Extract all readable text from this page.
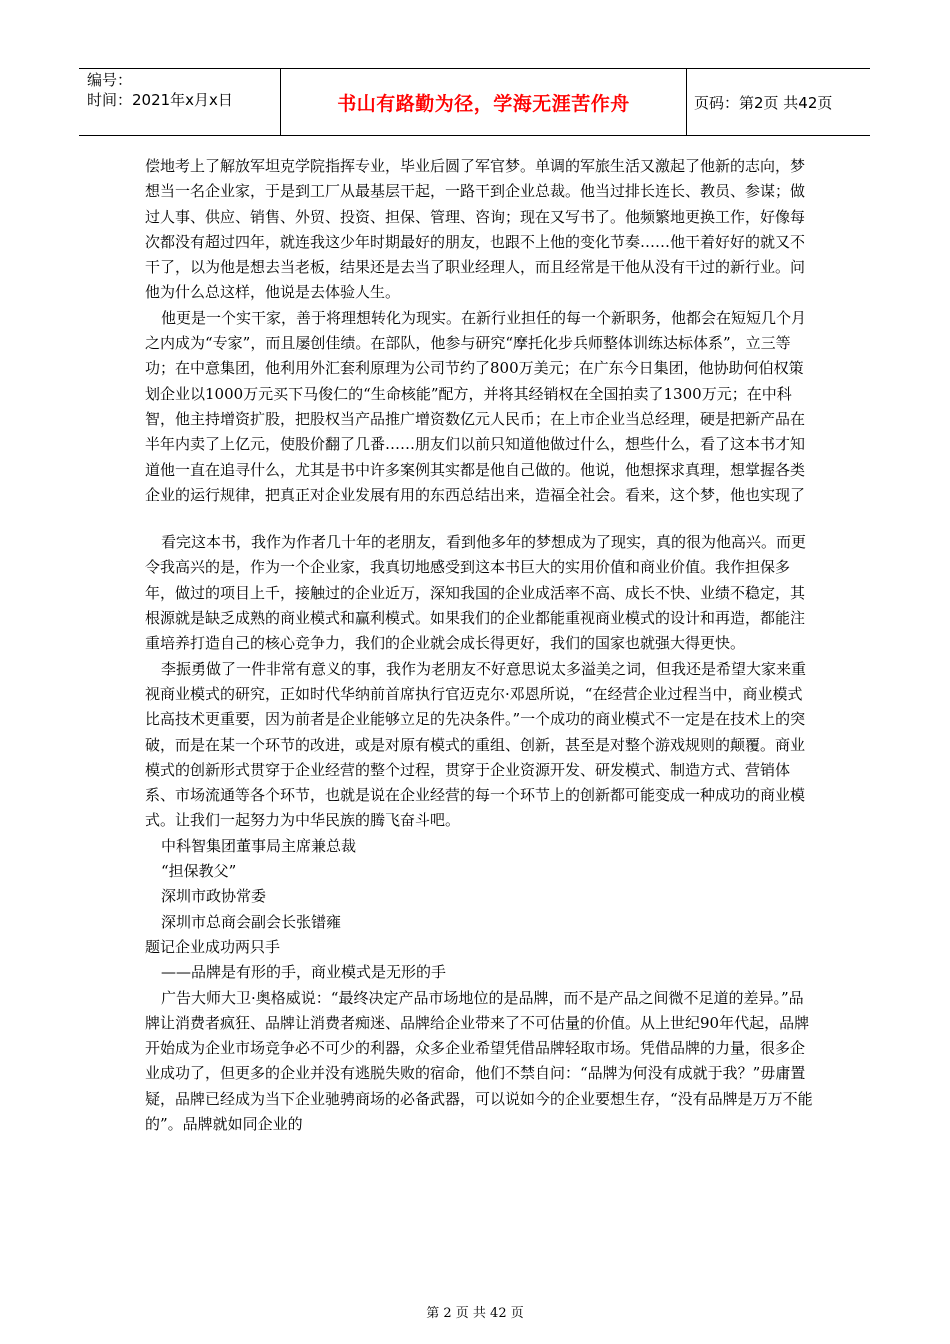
编号：
时间：2021年x月x日	书山有路勤为径，学海无涯苦作舟	页码：第2页 共42页

偿地考上了解放军坦克学院指挥专业，毕业后圆了军官梦。单调的军旅生活又激起了他新的志向，梦想当一名企业家，于是到工厂从最基层干起，一路干到企业总裁。他当过排长连长、教员、参谋；做过人事、供应、销售、外贸、投资、担保、管理、咨询；现在又写书了。他频繁地更换工作，好像每次都没有超过四年，就连我这少年时期最好的朋友，也跟不上他的变化节奏……他干着好好的就又不干了，以为他是想去当老板，结果还是去当了职业经理人，而且经常是干他从没有干过的新行业。问他为什么总这样，他说是去体验人生。

他更是一个实干家，善于将理想转化为现实。在新行业担任的每一个新职务，他都会在短短几个月之内成为“专家”，而且屡创佳绩。在部队，他参与研究“摩托化步兵师整体训练达标体系”，立三等功；在中意集团，他利用外汇套利原理为公司节约了800万美元；在广东今日集团，他协助何伯权策划企业以1000万元买下马俊仁的“生命核能”配方，并将其经销权在全国拍卖了1300万元；在中科智，他主持增资扩股，把股权当产品推广增资数亿元人民币；在上市企业当总经理，硬是把新产品在半年内卖了上亿元，使股价翻了几番……朋友们以前只知道他做过什么，想些什么，看了这本书才知道他一直在追寻什么，尤其是书中许多案例其实都是他自己做的。他说，他想探求真理，想掌握各类企业的运行规律，把真正对企业发展有用的东西总结出来，造福全社会。看来，这个梦，他也实现了

看完这本书，我作为作者几十年的老朋友，看到他多年的梦想成为了现实，真的很为他高兴。而更令我高兴的是，作为一个企业家，我真切地感受到这本书巨大的实用价值和商业价值。我作担保多年，做过的项目上千，接触过的企业近万，深知我国的企业成活率不高、成长不快、业绩不稳定，其根源就是缺乏成熟的商业模式和赢利模式。如果我们的企业都能重视商业模式的设计和再造，都能注重培养打造自己的核心竞争力，我们的企业就会成长得更好，我们的国家也就强大得更快。

李振勇做了一件非常有意义的事，我作为老朋友不好意思说太多溢美之词，但我还是希望大家来重视商业模式的研究，正如时代华纳前首席执行官迈克尔·邓恩所说，“在经营企业过程当中，商业模式比高技术更重要，因为前者是企业能够立足的先决条件。”一个成功的商业模式不一定是在技术上的突破，而是在某一个环节的改进，或是对原有模式的重组、创新，甚至是对整个游戏规则的颠覆。商业模式的创新形式贯穿于企业经营的整个过程，贯穿于企业资源开发、研发模式、制造方式、营销体系、市场流通等各个环节，也就是说在企业经营的每一个环节上的创新都可能变成一种成功的商业模式。让我们一起努力为中华民族的腾飞奋斗吧。

中科智集团董事局主席兼总裁

“担保教父”

深圳市政协常委

深圳市总商会副会长张镨雍

题记企业成功两只手

——品牌是有形的手，商业模式是无形的手

广告大师大卫·奥格威说：“最终决定产品市场地位的是品牌，而不是产品之间微不足道的差异。”品牌让消费者疯狂、品牌让消费者痴迷、品牌给企业带来了不可估量的价值。从上世纪90年代起，品牌开始成为企业市场竞争必不可少的利器，众多企业希望凭借品牌轻取市场。凭借品牌的力量，很多企业成功了，但更多的企业并没有逃脱失败的宿命，他们不禁自问：“品牌为何没有成就于我？”毋庸置疑，品牌已经成为当下企业驰骋商场的必备武器，可以说如今的企业要想生存，“没有品牌是万万不能的”。品牌就如同企业的

第 2 页 共 42 页
